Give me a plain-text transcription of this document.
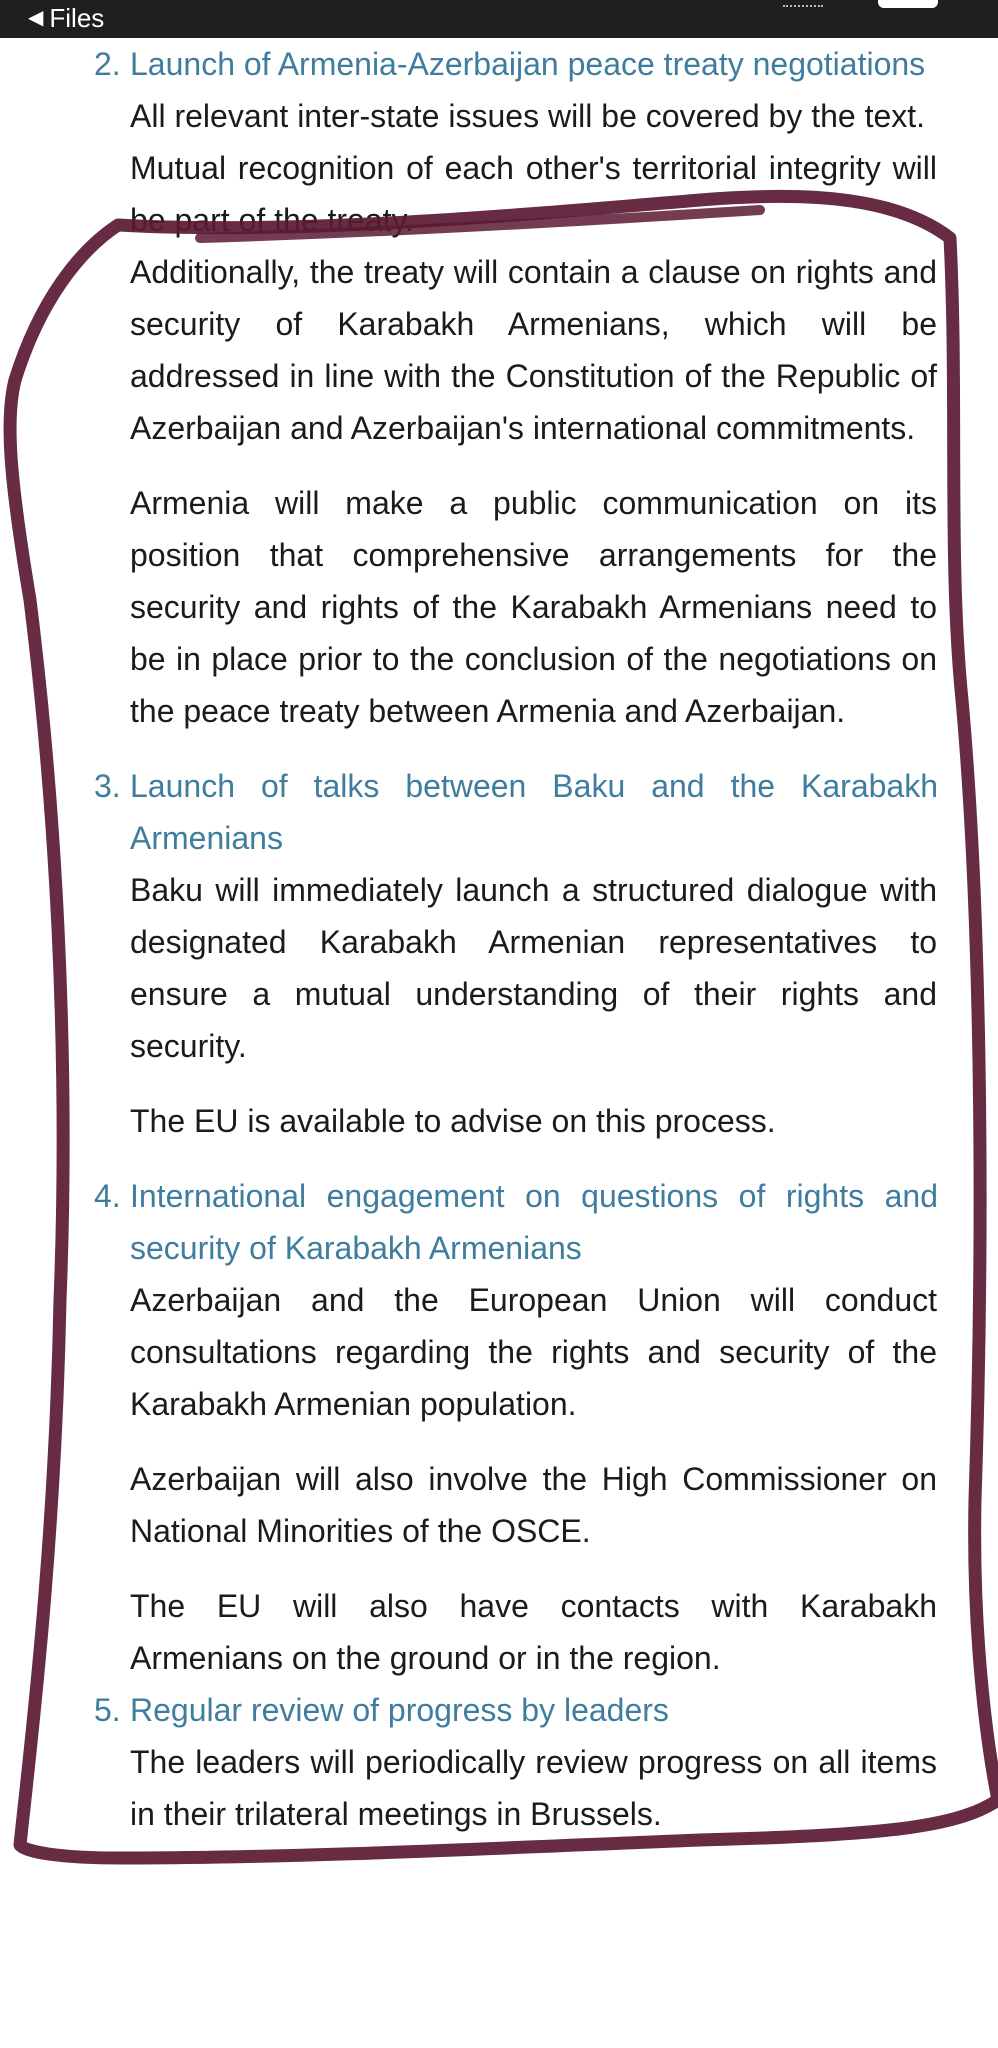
◀ Files
2. Launch of Armenia-Azerbaijan peace treaty negotiations

All relevant inter-state issues will be covered by the text.

Mutual recognition of each other's territorial integrity will be part of the treaty.

Additionally, the treaty will contain a clause on rights and security of Karabakh Armenians, which will be addressed in line with the Constitution of the Republic of Azerbaijan and Azerbaijan's international commitments.

Armenia will make a public communication on its position that comprehensive arrangements for the security and rights of the Karabakh Armenians need to be in place prior to the conclusion of the negotiations on the peace treaty between Armenia and Azerbaijan.

3. Launch of talks between Baku and the Karabakh Armenians

Baku will immediately launch a structured dialogue with designated Karabakh Armenian representatives to ensure a mutual understanding of their rights and security.

The EU is available to advise on this process.

4. International engagement on questions of rights and security of Karabakh Armenians

Azerbaijan and the European Union will conduct consultations regarding the rights and security of the Karabakh Armenian population.

Azerbaijan will also involve the High Commissioner on National Minorities of the OSCE.

The EU will also have contacts with Karabakh Armenians on the ground or in the region.

5. Regular review of progress by leaders

The leaders will periodically review progress on all items in their trilateral meetings in Brussels.
